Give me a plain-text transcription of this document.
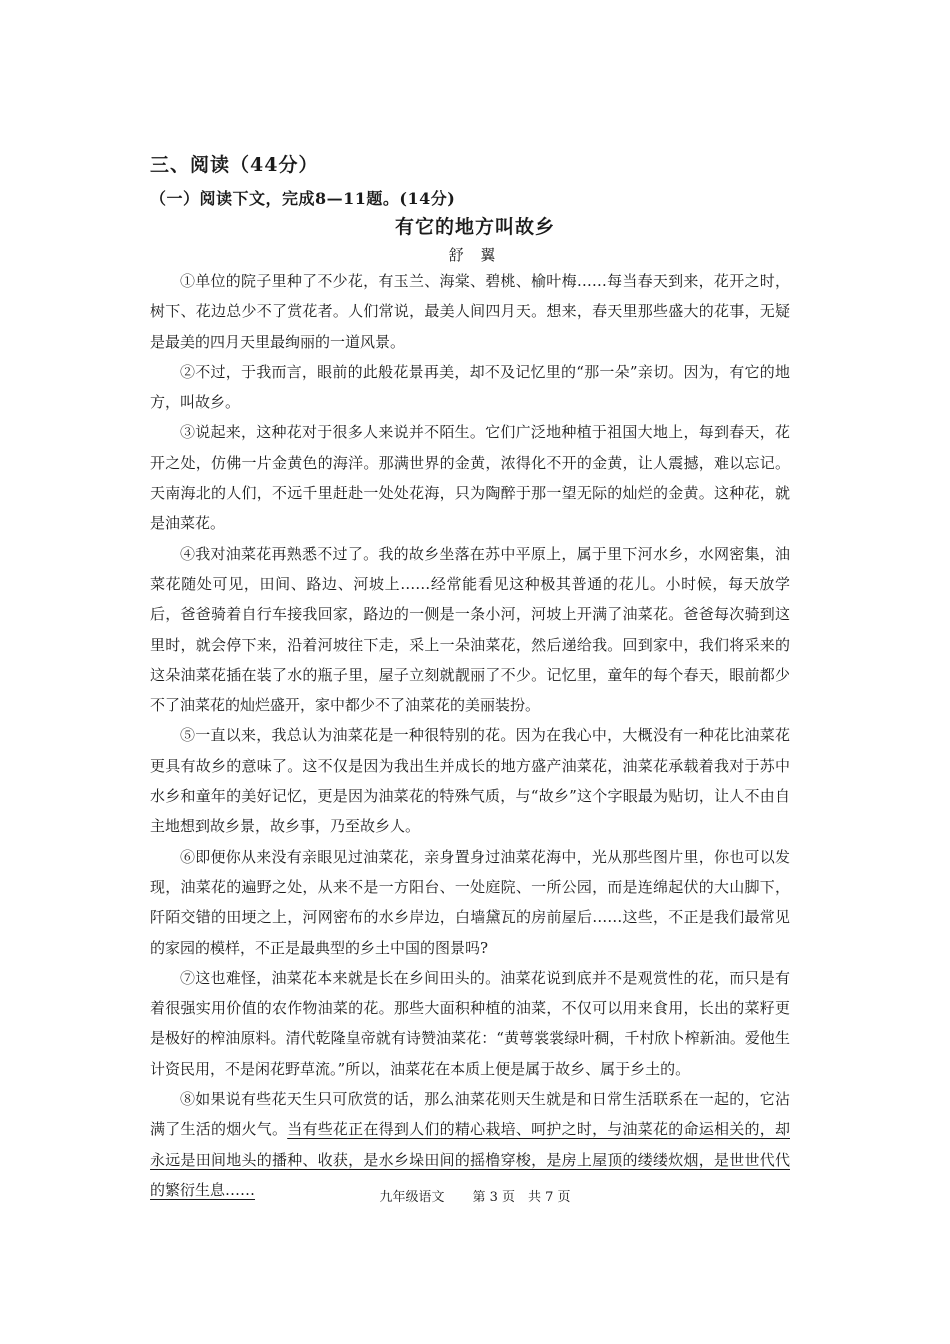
三、阅读（44分）
（一）阅读下文，完成8—11题。(14分)
有它的地方叫故乡
舒 翼

①单位的院子里种了不少花，有玉兰、海棠、碧桃、榆叶梅……每当春天到来，花开之时，树下、花边总少不了赏花者。人们常说，最美人间四月天。想来，春天里那些盛大的花事，无疑是最美的四月天里最绚丽的一道风景。

②不过，于我而言，眼前的此般花景再美，却不及记忆里的“那一朵”亲切。因为，有它的地方，叫故乡。

③说起来，这种花对于很多人来说并不陌生。它们广泛地种植于祖国大地上，每到春天，花开之处，仿佛一片金黄色的海洋。那满世界的金黄，浓得化不开的金黄，让人震撼，难以忘记。天南海北的人们，不远千里赶赴一处处花海，只为陶醉于那一望无际的灿烂的金黄。这种花，就是油菜花。

④我对油菜花再熟悉不过了。我的故乡坐落在苏中平原上，属于里下河水乡，水网密集，油菜花随处可见，田间、路边、河坡上……经常能看见这种极其普通的花儿。小时候，每天放学后，爸爸骑着自行车接我回家，路边的一侧是一条小河，河坡上开满了油菜花。爸爸每次骑到这里时，就会停下来，沿着河坡往下走，采上一朵油菜花，然后递给我。回到家中，我们将采来的这朵油菜花插在装了水的瓶子里，屋子立刻就靓丽了不少。记忆里，童年的每个春天，眼前都少不了油菜花的灿烂盛开，家中都少不了油菜花的美丽装扮。

⑤一直以来，我总认为油菜花是一种很特别的花。因为在我心中，大概没有一种花比油菜花更具有故乡的意味了。这不仅是因为我出生并成长的地方盛产油菜花，油菜花承载着我对于苏中水乡和童年的美好记忆，更是因为油菜花的特殊气质，与“故乡”这个字眼最为贴切，让人不由自主地想到故乡景，故乡事，乃至故乡人。

⑥即便你从来没有亲眼见过油菜花，亲身置身过油菜花海中，光从那些图片里，你也可以发现，油菜花的遍野之处，从来不是一方阳台、一处庭院、一所公园，而是连绵起伏的大山脚下，阡陌交错的田埂之上，河网密布的水乡岸边，白墙黛瓦的房前屋后……这些，不正是我们最常见的家园的模样，不正是最典型的乡土中国的图景吗?

⑦这也难怪，油菜花本来就是长在乡间田头的。油菜花说到底并不是观赏性的花，而只是有着很强实用价值的农作物油菜的花。那些大面积种植的油菜，不仅可以用来食用，长出的菜籽更是极好的榨油原料。清代乾隆皇帝就有诗赞油菜花：“黄萼裳裳绿叶稠，千村欣卜榨新油。爱他生计资民用，不是闲花野草流。”所以，油菜花在本质上便是属于故乡、属于乡土的。

⑧如果说有些花天生只可欣赏的话，那么油菜花则天生就是和日常生活联系在一起的，它沾满了生活的烟火气。当有些花正在得到人们的精心栽培、呵护之时，与油菜花的命运相关的，却永远是田间地头的播种、收获，是水乡垛田间的摇橹穿梭，是房上屋顶的缕缕炊烟，是世世代代的繁衍生息……	九年级语文 第 3 页　共 7 页
